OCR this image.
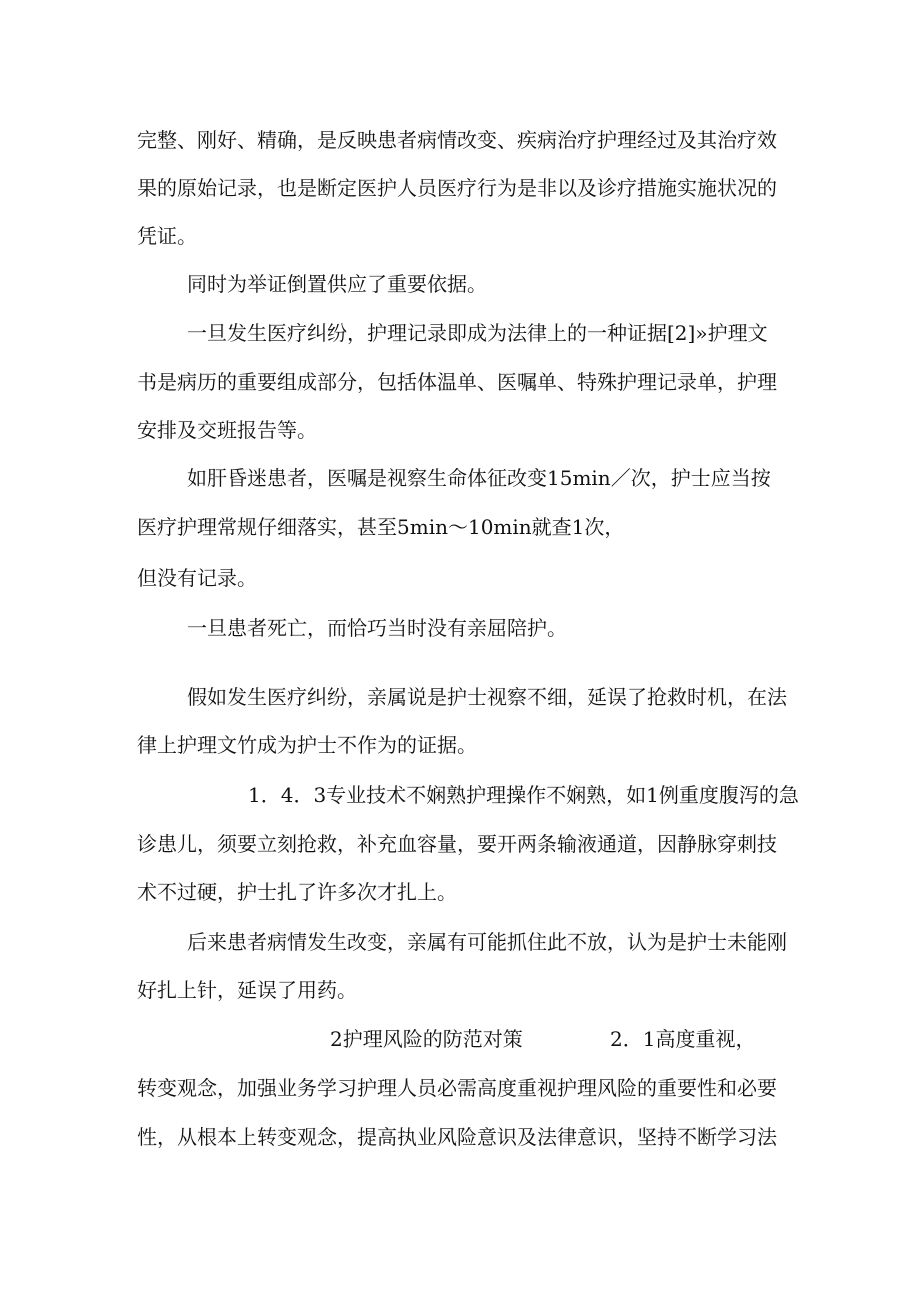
完整、刚好、精确，是反映患者病情改变、疾病治疗护理经过及其治疗效

果的原始记录，也是断定医护人员医疗行为是非以及诊疗措施实施状况的

凭证。

同时为举证倒置供应了重要依据。

一旦发生医疗纠纷，护理记录即成为法律上的一种证据[2]»护理文

书是病历的重要组成部分，包括体温单、医嘱单、特殊护理记录单，护理

安排及交班报告等。

如肝昏迷患者，医嘱是视察生命体征改变15min／次，护士应当按

医疗护理常规仔细落实，甚至5min～10min就查1次，

但没有记录。

一旦患者死亡，而恰巧当时没有亲屈陪护。

假如发生医疗纠纷，亲属说是护士视察不细，延误了抢救时机，在法

律上护理文竹成为护士不作为的证据。

1．4．3专业技术不娴熟护理操作不娴熟，如1例重度腹泻的急

诊患儿，须要立刻抢救，补充血容量，要开两条输液通道，因静脉穿刺技

术不过硬，护士扎了许多次才扎上。

后来患者病情发生改变，亲属有可能抓住此不放，认为是护士未能刚

好扎上针，延误了用药。

2护理风险的防范对策	2．1高度重视，

转变观念，加强业务学习护理人员必需高度重视护理风险的重要性和必要

性，从根本上转变观念，提高执业风险意识及法律意识，坚持不断学习法
